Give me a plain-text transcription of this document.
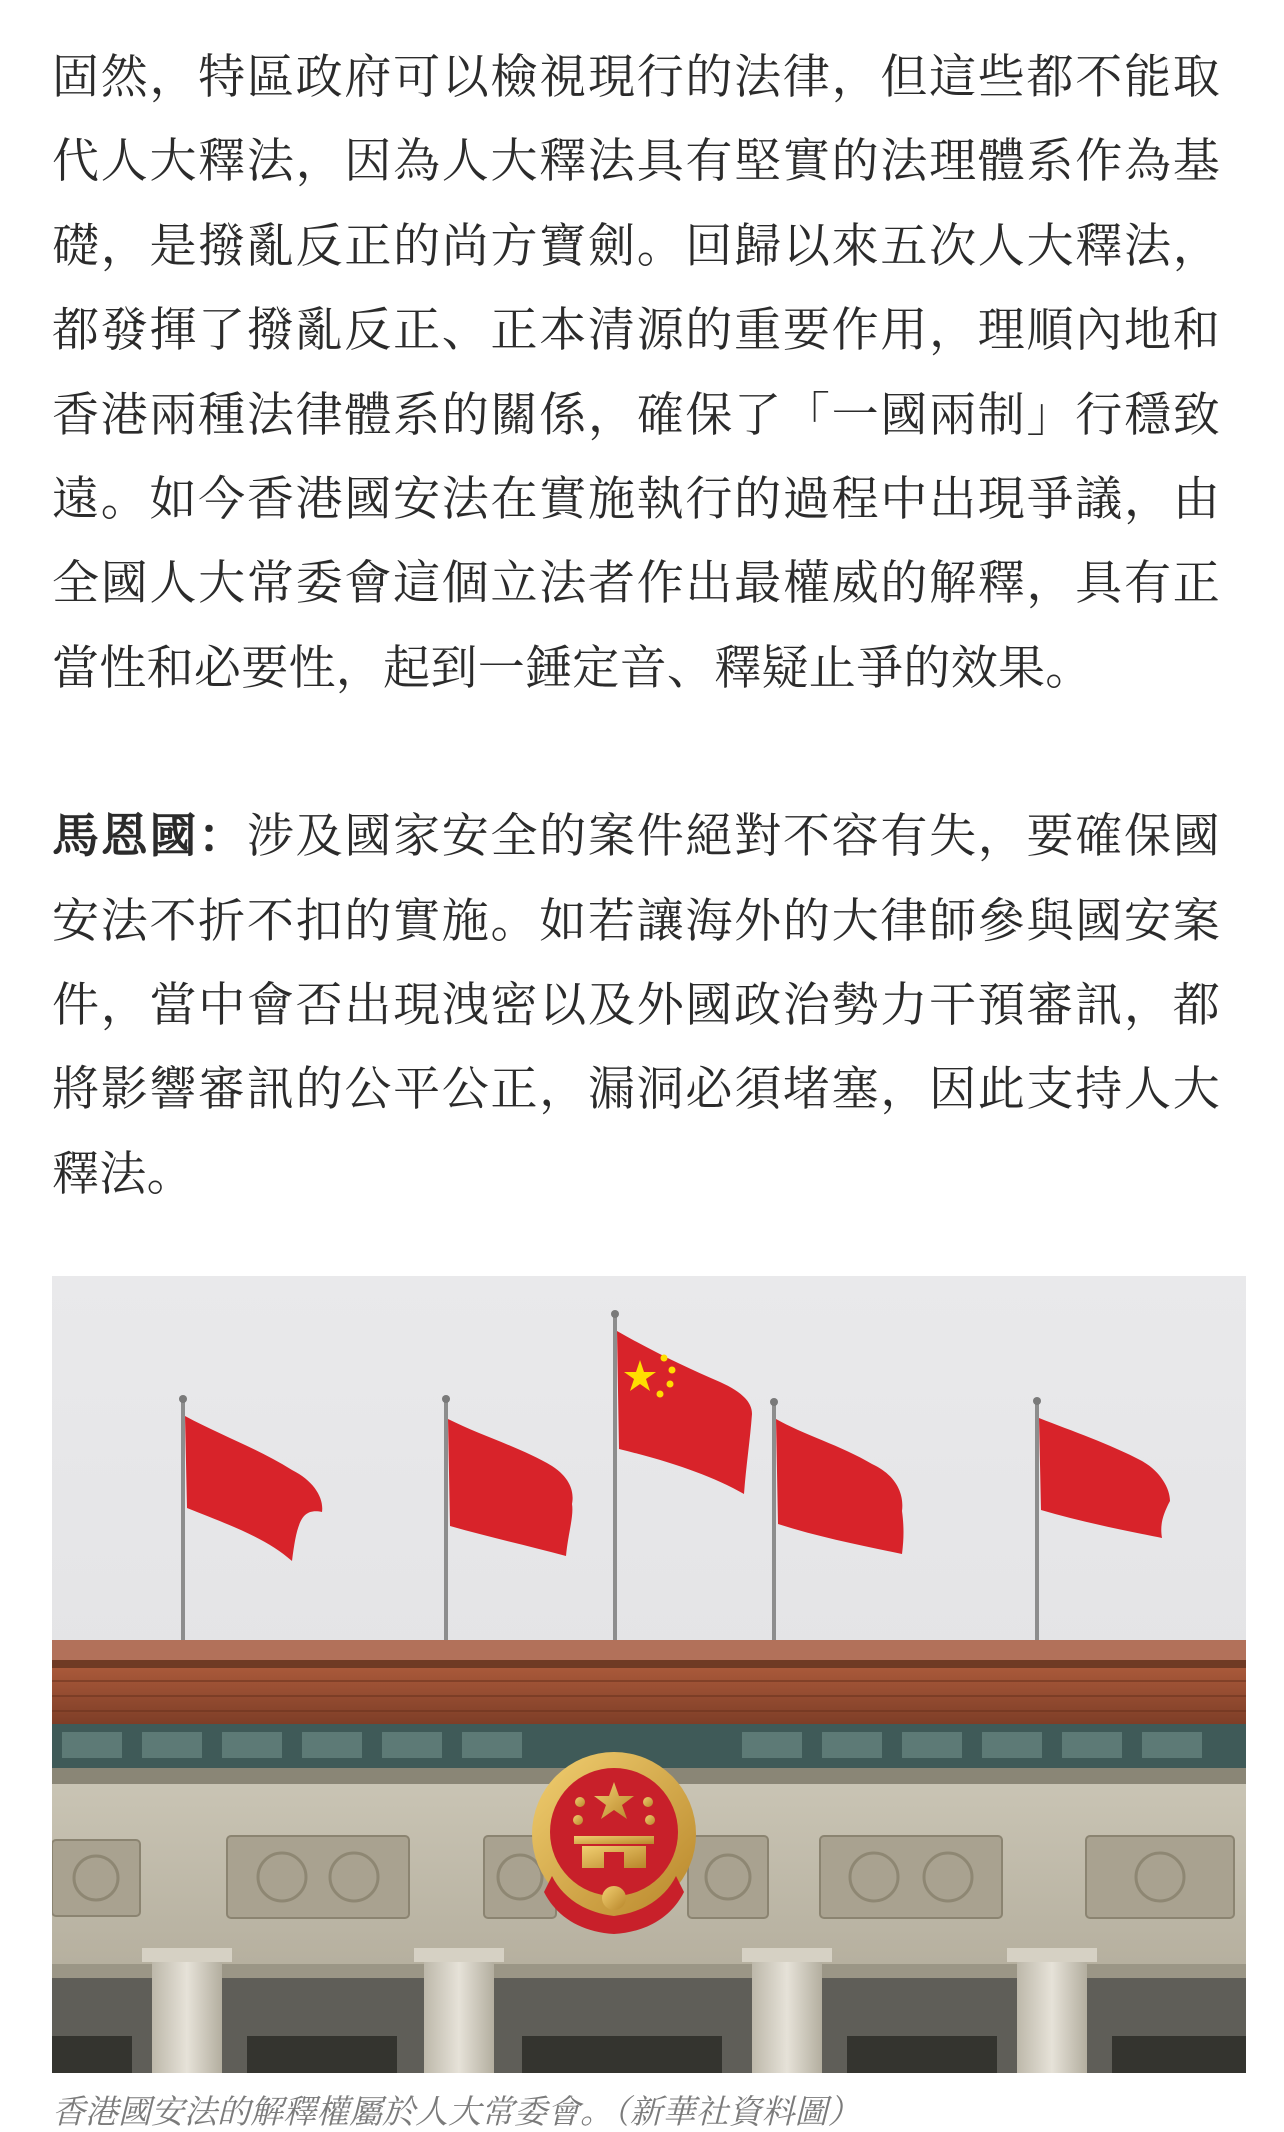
固然，特區政府可以檢視現行的法律，但這些都不能取代人大釋法，因為人大釋法具有堅實的法理體系作為基礎，是撥亂反正的尚方寶劍。回歸以來五次人大釋法，都發揮了撥亂反正、正本清源的重要作用，理順內地和香港兩種法律體系的關係，確保了「一國兩制」行穩致遠。如今香港國安法在實施執行的過程中出現爭議，由全國人大常委會這個立法者作出最權威的解釋，具有正當性和必要性，起到一錘定音、釋疑止爭的效果。

馬恩國：涉及國家安全的案件絕對不容有失，要確保國安法不折不扣的實施。如若讓海外的大律師參與國安案件，當中會否出現洩密以及外國政治勢力干預審訊，都將影響審訊的公平公正，漏洞必須堵塞，因此支持人大釋法。

香港國安法的解釋權屬於人大常委會。（新華社資料圖）
